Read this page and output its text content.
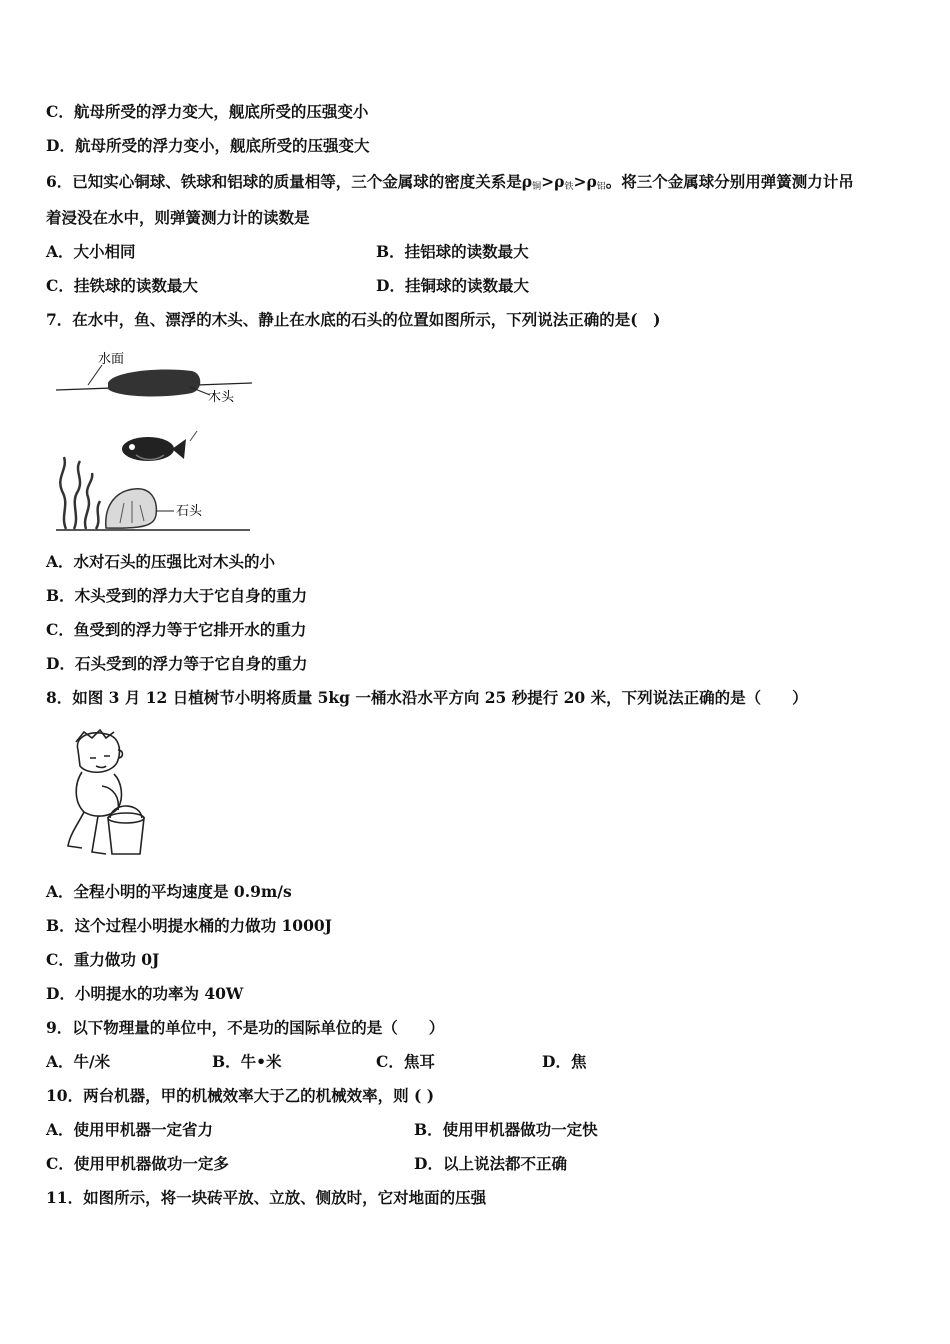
C．航母所受的浮力变大，舰底所受的压强变小
D．航母所受的浮力变小，舰底所受的压强变大
6．已知实心铜球、铁球和铝球的质量相等，三个金属球的密度关系是$\rho_铜>\rho_铁>\rho_铝$。将三个金属球分别用弹簧测力计吊
着浸没在水中，则弹簧测力计的读数是
A．大小相同	B．挂铝球的读数最大
C．挂铁球的读数最大	D．挂铜球的读数最大
7．在水中，鱼、漂浮的木头、静止在水底的石头的位置如图所示，下列说法正确的是(　)
水面
木头
石头
A．水对石头的压强比对木头的小
B．木头受到的浮力大于它自身的重力
C．鱼受到的浮力等于它排开水的重力
D．石头受到的浮力等于它自身的重力
8．如图 3 月 12 日植树节小明将质量 5kg 一桶水沿水平方向 25 秒提行 20 米，下列说法正确的是（　　）
A．全程小明的平均速度是 0.9m/s
B．这个过程小明提水桶的力做功 1000J
C．重力做功 0J
D．小明提水的功率为 40W
9．以下物理量的单位中，不是功的国际单位的是（　　）
A．牛/米	B．牛•米	C．焦耳	D．焦
10．两台机器，甲的机械效率大于乙的机械效率，则 ( )
A．使用甲机器一定省力	B．使用甲机器做功一定快
C．使用甲机器做功一定多	D．以上说法都不正确
11．如图所示，将一块砖平放、立放、侧放时，它对地面的压强
